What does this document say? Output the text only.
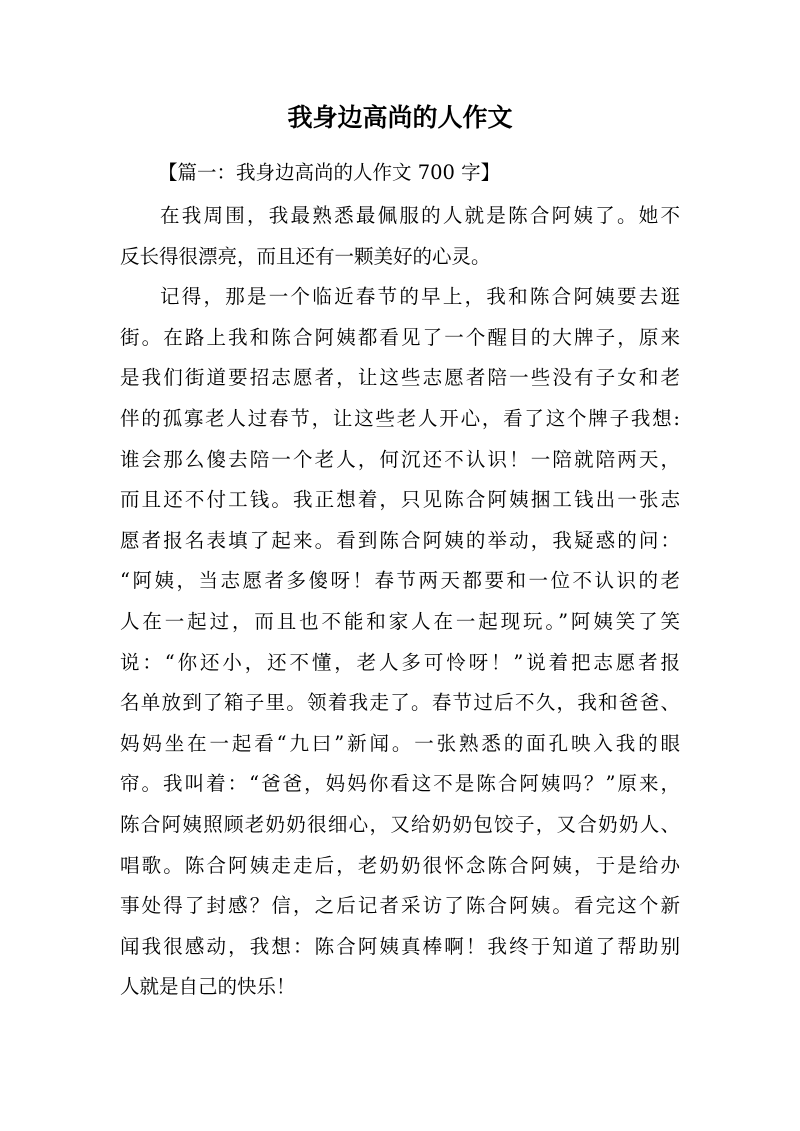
我身边高尚的人作文

【篇一：我身边高尚的人作文 700 字】

在我周围，我最熟悉最佩服的人就是陈合阿姨了。她不
反长得很漂亮，而且还有一颗美好的心灵。
记得，那是一个临近春节的早上，我和陈合阿姨要去逛
街。在路上我和陈合阿姨都看见了一个醒目的大牌子，原来
是我们街道要招志愿者，让这些志愿者陪一些没有子女和老
伴的孤寡老人过春节，让这些老人开心，看了这个牌子我想:
谁会那么傻去陪一个老人，何沉还不认识！一陪就陪两天，
而且还不付工钱。我正想着，只见陈合阿姨捆工钱出一张志
愿者报名表填了起来。看到陈合阿姨的举动，我疑惑的问：
“阿姨，当志愿者多傻呀！春节两天都要和一位不认识的老
人在一起过，而且也不能和家人在一起现玩。”阿姨笑了笑
说：“你还小，还不懂，老人多可怜呀！”说着把志愿者报
名单放到了箱子里。领着我走了。春节过后不久，我和爸爸、
妈妈坐在一起看“九曰”新闻。一张熟悉的面孔映入我的眼
帘。我叫着：“爸爸，妈妈你看这不是陈合阿姨吗？”原来，
陈合阿姨照顾老奶奶很细心，又给奶奶包饺子，又合奶奶人、
唱歌。陈合阿姨走走后，老奶奶很怀念陈合阿姨，于是给办
事处得了封感？信，之后记者采访了陈合阿姨。看完这个新
闻我很感动，我想：陈合阿姨真棒啊！我终于知道了帮助别
人就是自己的快乐！
